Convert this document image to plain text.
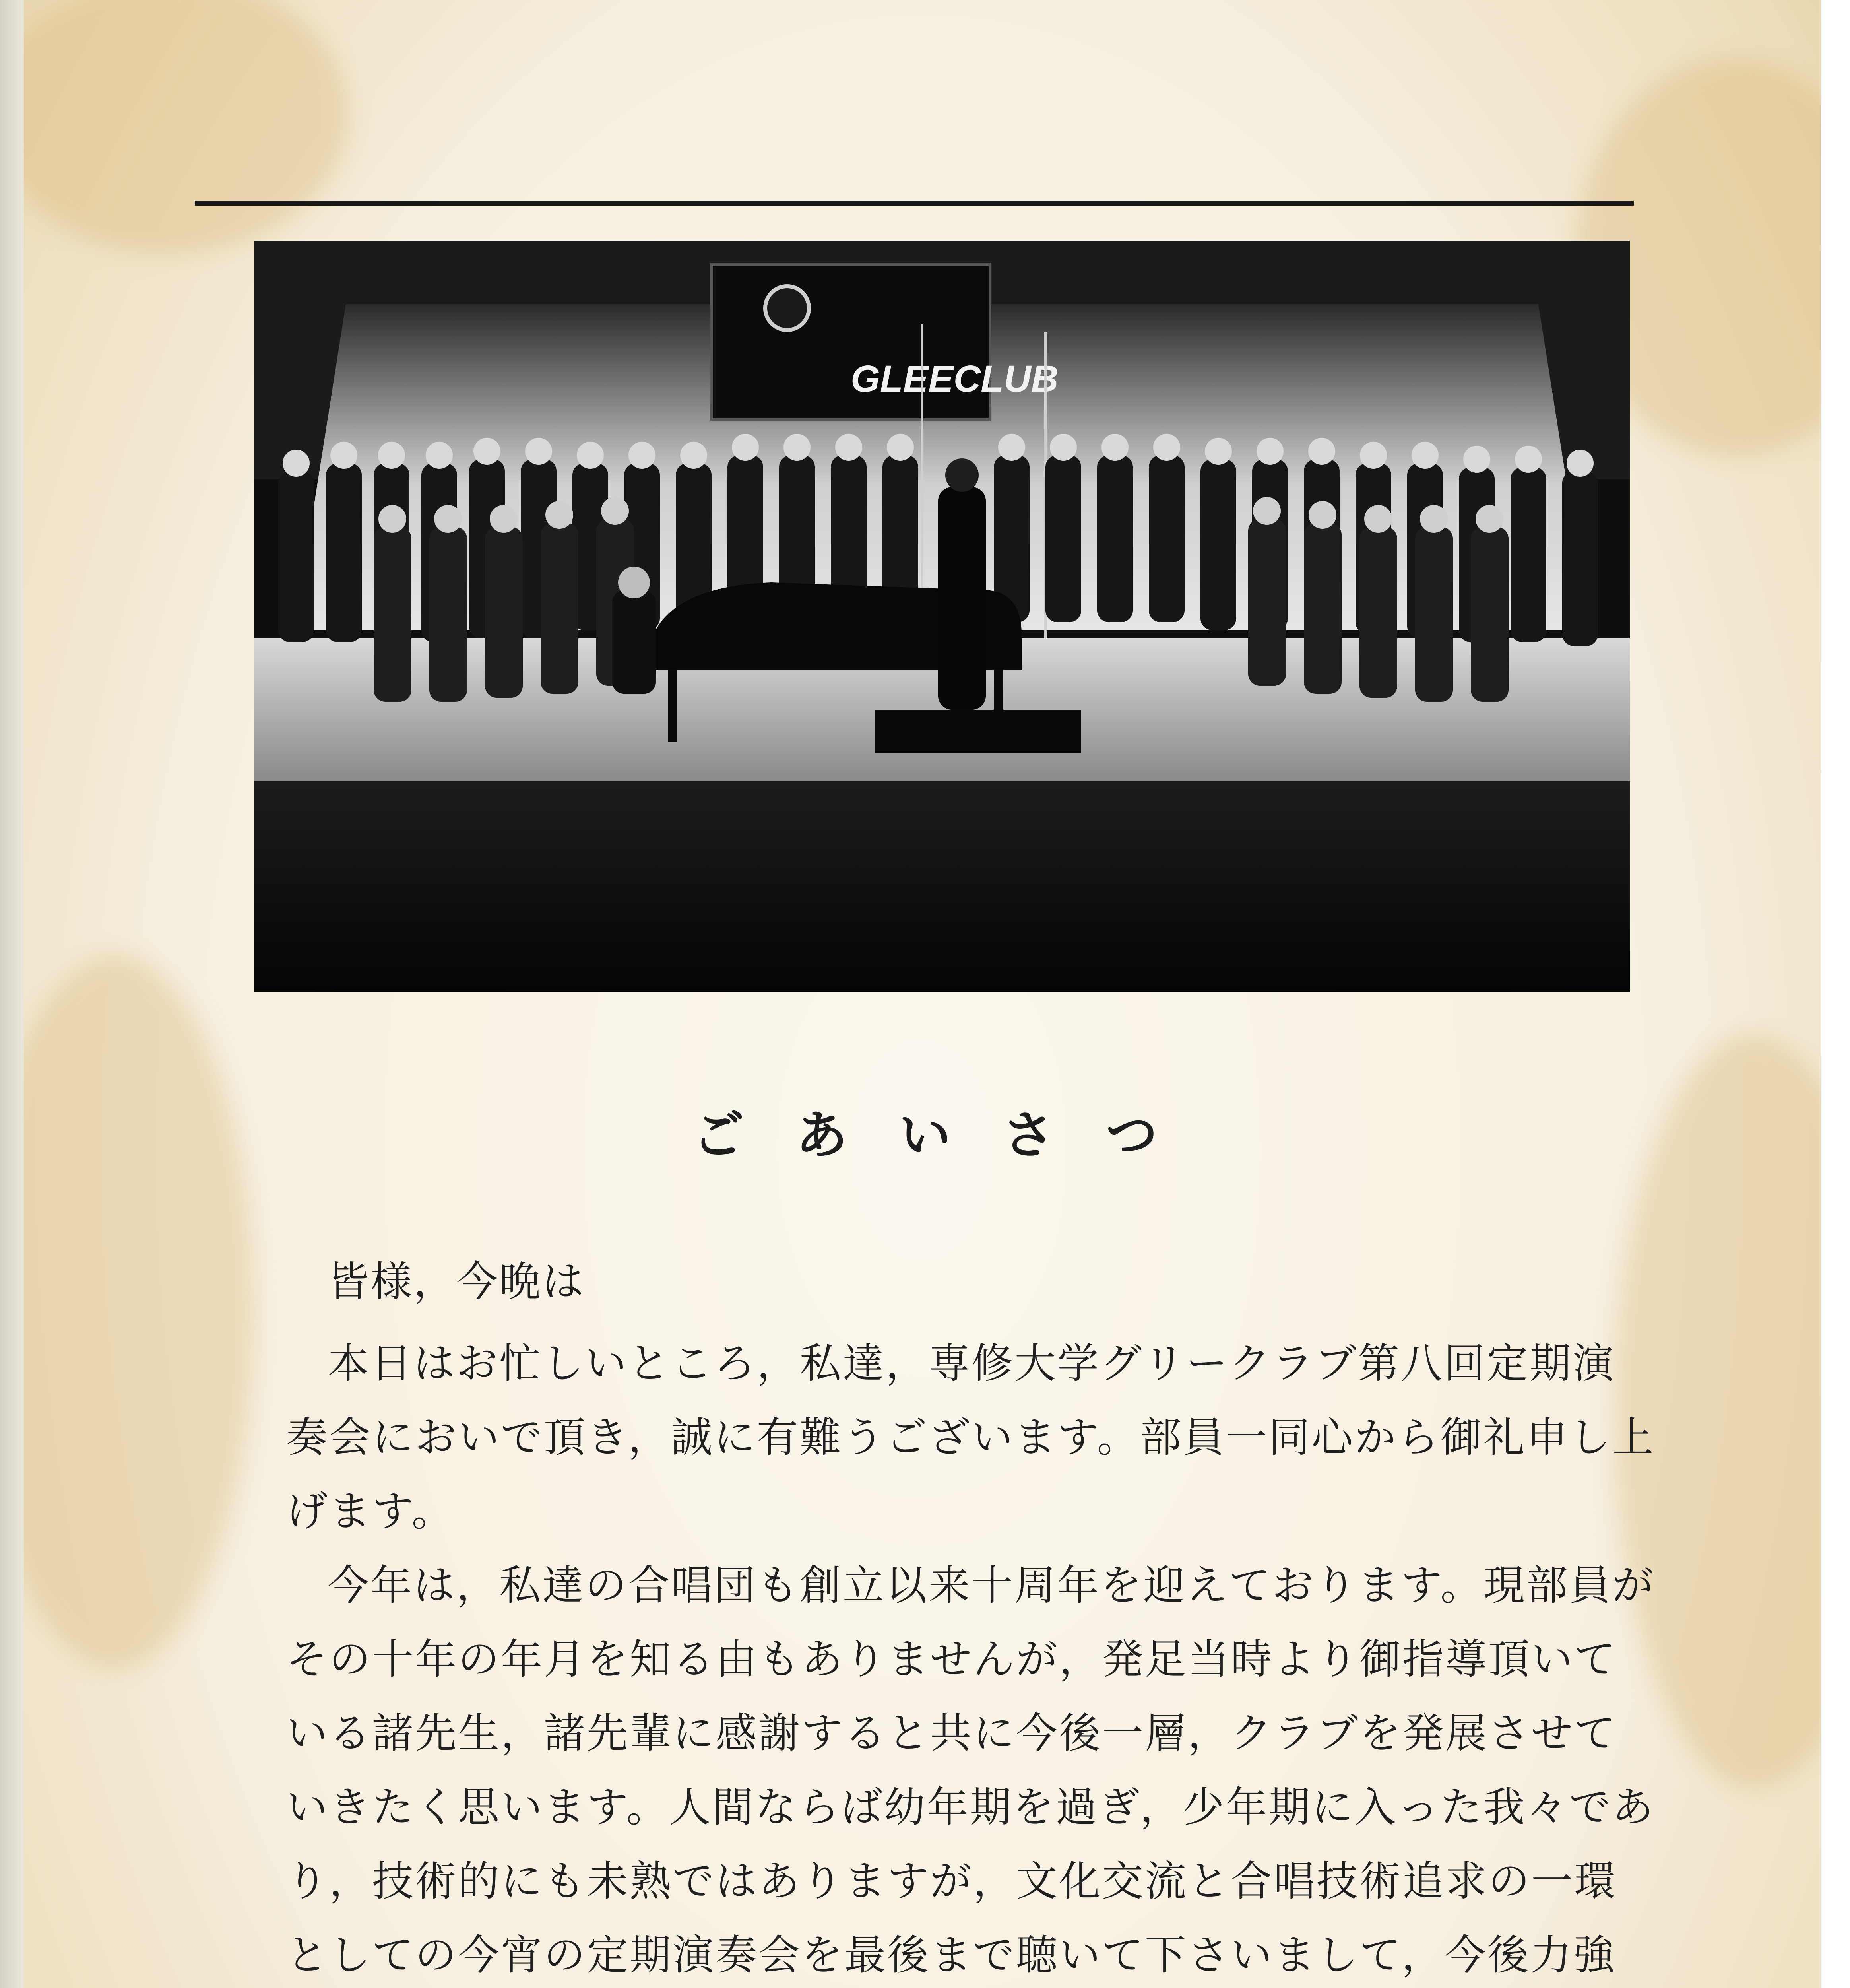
GLEECLUB
ごあいさつ

皆様，今晩は

本日はお忙しいところ，私達，専修大学グリークラブ第八回定期演奏会においで頂き，誠に有難うございます。部員一同心から御礼申し上げます。

今年は，私達の合唱団も創立以来十周年を迎えております。現部員がその十年の年月を知る由もありませんが，発足当時より御指導頂いている諸先生，諸先輩に感謝すると共に今後一層，クラブを発展させていきたく思います。人間ならば幼年期を過ぎ，少年期に入った我々であり，技術的にも未熟ではありますが，文化交流と合唱技術追求の一環としての今宵の定期演奏会を最後まで聴いて下さいまして，今後力強
